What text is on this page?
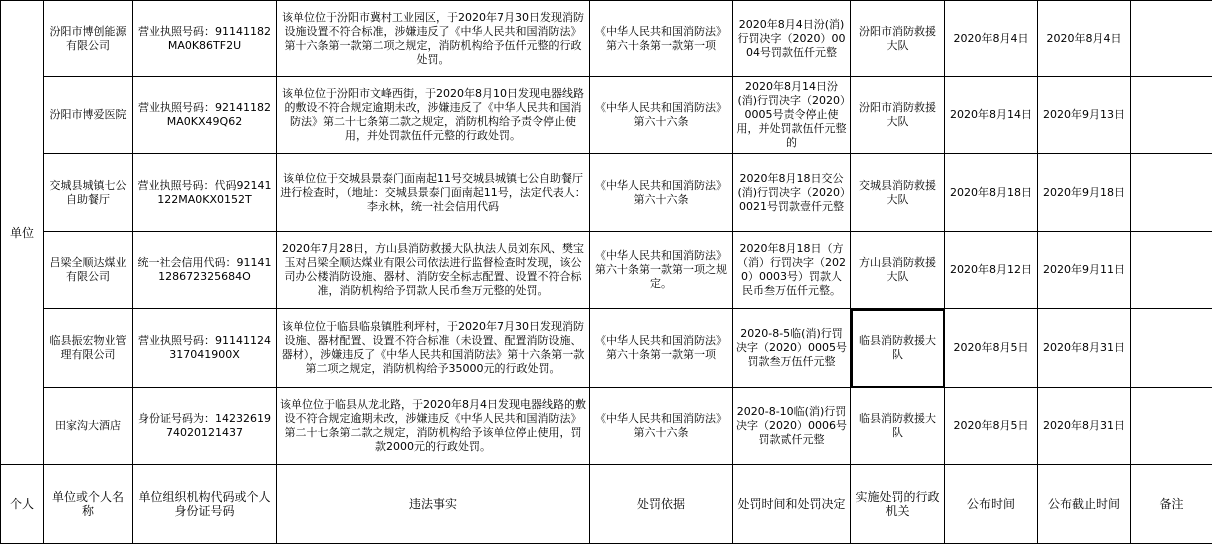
单位	汾阳市博创能源有限公司	营业执照号码：91141182MA0K86TF2U	该单位位于汾阳市冀村工业园区，于2020年7月30日发现消防设施设置不符合标准，涉嫌违反了《中华人民共和国消防法》第十六条第一款第二项之规定，消防机构给予伍仟元整的行政处罚。	《中华人民共和国消防法》第六十条第一款第一项	2020年8月4日汾(消)行罚决字（2020）0004号罚款伍仟元整	汾阳市消防救援大队	2020年8月4日	2020年8月4日	
	汾阳市博爱医院	营业执照号码：92141182MA0KX49Q62	该单位位于汾阳市文峰西街，于2020年8月10日发现电器线路的敷设不符合规定逾期未改，涉嫌违反了《中华人民共和国消防法》第二十七条第二款之规定，消防机构给予责令停止使用，并处罚款伍仟元整的行政处罚。	《中华人民共和国消防法》第六十六条	2020年8月14日汾(消)行罚决字（2020）0005号责令停止使用，并处罚款伍仟元整的	汾阳市消防救援大队	2020年8月14日	2020年9月13日	
	交城县城镇七公自助餐厅	营业执照号码：代码92141122MA0KX0152T	该单位位于交城县景泰门面南起11号交城县城镇七公自助餐厅进行检查时，（地址：交城县景泰门面南起11号，法定代表人：李永林，统一社会信用代码	《中华人民共和国消防法》第六十六条	2020年8月18日交公(消)行罚决字（2020）0021号罚款壹仟元整	交城县消防救援大队	2020年8月18日	2020年9月18日	
	吕梁全顺达煤业有限公司	统一社会信用代码：91141128672325684O	2020年7月28日，方山县消防救援大队执法人员刘东风、樊宝玉对吕梁全顺达煤业有限公司依法进行监督检查时发现，该公司办公楼消防设施、器材、消防安全标志配置、设置不符合标准，消防机构给予罚款人民币叁万元整的处罚。	《中华人民共和国消防法》第六十条第一款第一项之规定。	2020年8月18日（方（消）行罚决字（2020）0003号）罚款人民币叁万伍仟元整。	方山县消防救援大队	2020年8月12日	2020年9月11日	
	临县振宏物业管理有限公司	营业执照号码：91141124317041900X	该单位位于临县临泉镇胜利坪村，于2020年7月30日发现消防设施、器材配置、设置不符合标准（未设置、配置消防设施、器材），涉嫌违反了《中华人民共和国消防法》第十六条第一款第二项之规定，消防机构给予35000元的行政处罚。	《中华人民共和国消防法》第六十条第一款第一项	2020-8-5临(消)行罚决字（2020）0005号罚款叁万伍仟元整	临县消防救援大队	2020年8月5日	2020年8月31日	
	田家沟大酒店	身份证号码为：142326197402012143​7	该单位位于临县从龙北路，于2020年8月4日发现电器线路的敷设不符合规定逾期未改，涉嫌违反《中华人民共和国消防法》第二十七条第二款之规定，消防机构给予该单位停止使用，罚款2000元的行政处罚。	《中华人民共和国消防法》第六十六条	2020-8-10临(消)行罚决字（2020）0006号罚款贰仟元整	临县消防救援大队	2020年8月5日	2020年8月31日	
个人	单位或个人名称	单位组织机构代码或个人身份证号码	违法事实	处罚依据	处罚时间和处罚决定	实施处罚的行政机关	公布时间	公布截止时间	备注
